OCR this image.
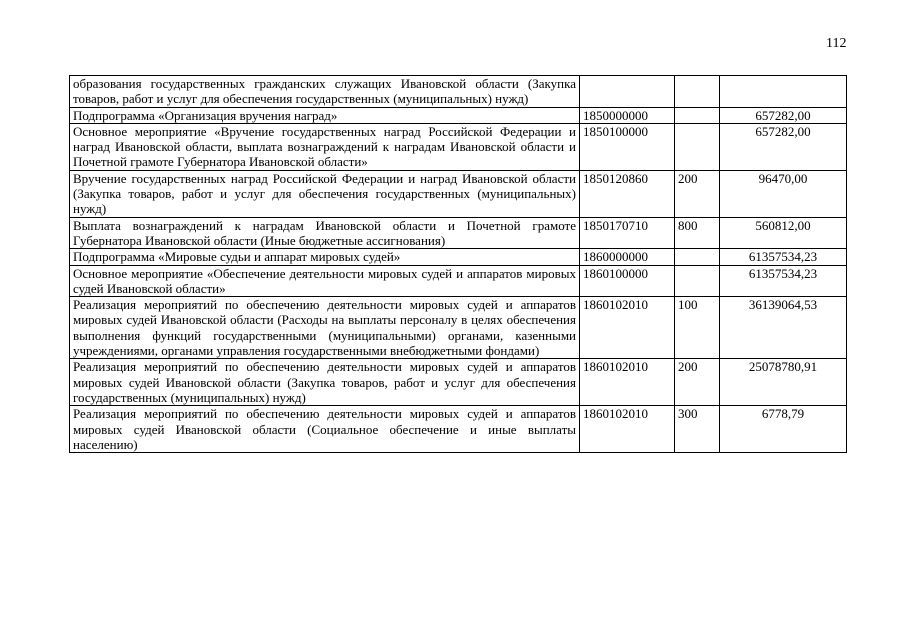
112
образования государственных гражданских служащих Ивановской области (Закупка товаров, работ и услуг для обеспечения государственных (муниципальных) нужд)			
Подпрограмма «Организация вручения наград»	1850000000		657282,00
Основное мероприятие «Вручение государственных наград Российской Федерации и наград Ивановской области, выплата вознаграждений к наградам Ивановской области и Почетной грамоте Губернатора Ивановской области»	1850100000		657282,00
Вручение государственных наград Российской Федерации и наград Ивановской области (Закупка товаров, работ и услуг для обеспечения государственных (муниципальных) нужд)	1850120860	200	96470,00
Выплата вознаграждений к наградам Ивановской области и Почетной грамоте Губернатора Ивановской области (Иные бюджетные ассигнования)	1850170710	800	560812,00
Подпрограмма «Мировые судьи и аппарат мировых судей»	1860000000		61357534,23
Основное мероприятие «Обеспечение деятельности мировых судей и аппаратов мировых судей Ивановской области»	1860100000		61357534,23
Реализация мероприятий по обеспечению деятельности мировых судей и аппаратов мировых судей Ивановской области (Расходы на выплаты персоналу в целях обеспечения выполнения функций государственными (муниципальными) органами, казенными учреждениями, органами управления государственными внебюджетными фондами)	1860102010	100	36139064,53
Реализация мероприятий по обеспечению деятельности мировых судей и аппаратов мировых судей Ивановской области (Закупка товаров, работ и услуг для обеспечения государственных (муниципальных) нужд)	1860102010	200	25078780,91
Реализация мероприятий по обеспечению деятельности мировых судей и аппаратов мировых судей Ивановской области (Социальное обеспечение и иные выплаты населению)	1860102010	300	6778,79
